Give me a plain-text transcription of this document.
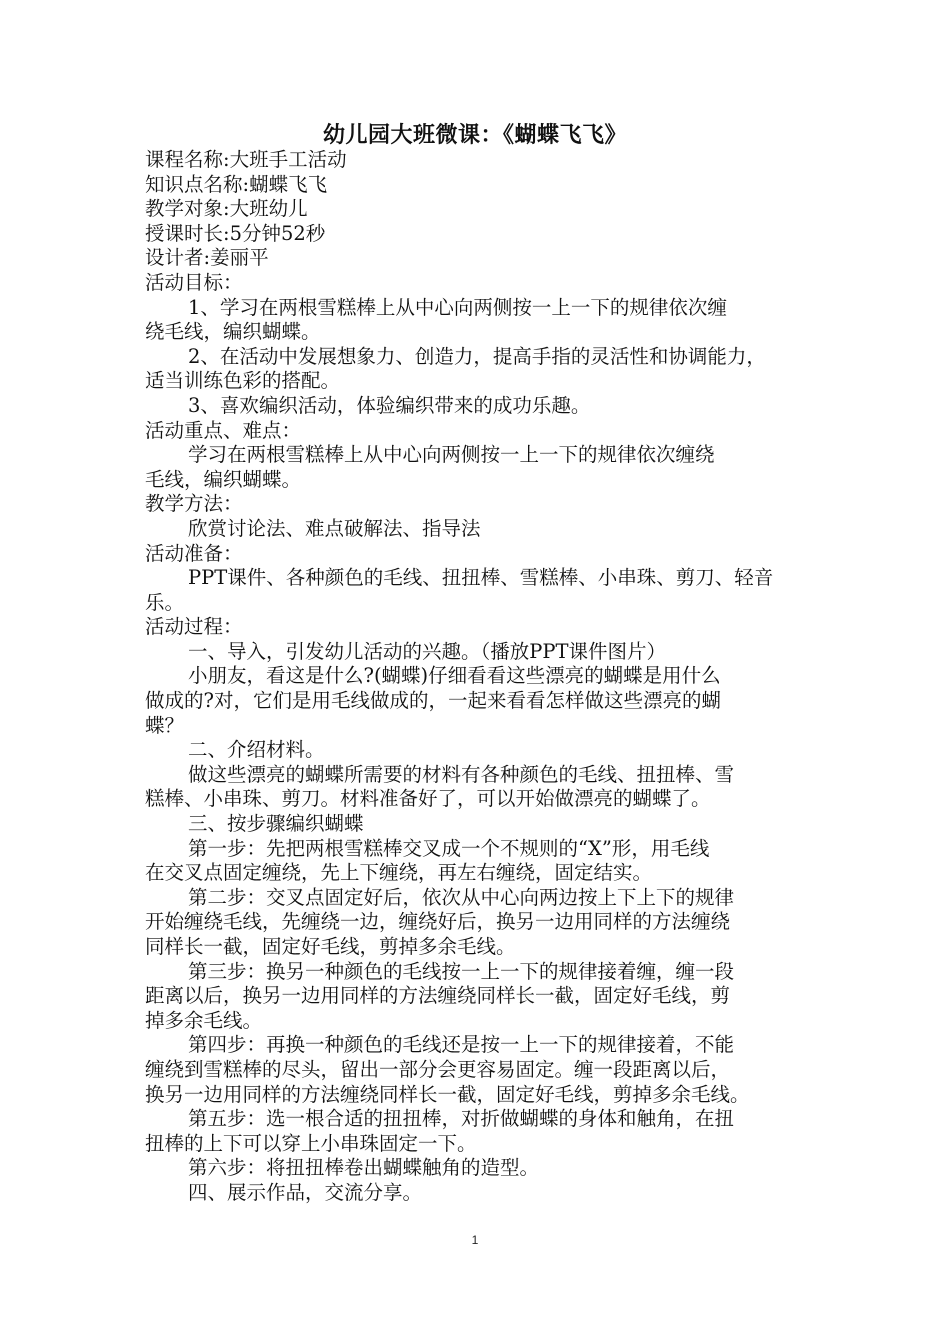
幼儿园大班微课：《蝴蝶飞飞》
课程名称:大班手工活动
知识点名称:蝴蝶飞飞
教学对象:大班幼儿
授课时长:5分钟52秒
设计者:姜丽平
活动目标：
1、学习在两根雪糕棒上从中心向两侧按一上一下的规律依次缠
绕毛线，编织蝴蝶。
2、在活动中发展想象力、创造力，提高手指的灵活性和协调能力，
适当训练色彩的搭配。
3、喜欢编织活动，体验编织带来的成功乐趣。
活动重点、难点：
学习在两根雪糕棒上从中心向两侧按一上一下的规律依次缠绕
毛线，编织蝴蝶。
教学方法：
欣赏讨论法、难点破解法、指导法
活动准备：
PPT课件、各种颜色的毛线、扭扭棒、雪糕棒、小串珠、剪刀、轻音
乐。
活动过程：
一、导入，引发幼儿活动的兴趣。（播放PPT课件图片）
小朋友，看这是什么?(蝴蝶)仔细看看这些漂亮的蝴蝶是用什么
做成的?对，它们是用毛线做成的，一起来看看怎样做这些漂亮的蝴
蝶？
二、介绍材料。
做这些漂亮的蝴蝶所需要的材料有各种颜色的毛线、扭扭棒、雪
糕棒、小串珠、剪刀。材料准备好了，可以开始做漂亮的蝴蝶了。
三、按步骤编织蝴蝶
第一步：先把两根雪糕棒交叉成一个不规则的“X”形，用毛线
在交叉点固定缠绕，先上下缠绕，再左右缠绕，固定结实。
第二步：交叉点固定好后，依次从中心向两边按上下上下的规律
开始缠绕毛线，先缠绕一边，缠绕好后，换另一边用同样的方法缠绕
同样长一截，固定好毛线，剪掉多余毛线。
第三步：换另一种颜色的毛线按一上一下的规律接着缠，缠一段
距离以后，换另一边用同样的方法缠绕同样长一截，固定好毛线，剪
掉多余毛线。
第四步：再换一种颜色的毛线还是按一上一下的规律接着，不能
缠绕到雪糕棒的尽头，留出一部分会更容易固定。缠一段距离以后，
换另一边用同样的方法缠绕同样长一截，固定好毛线，剪掉多余毛线。
第五步：选一根合适的扭扭棒，对折做蝴蝶的身体和触角，在扭
扭棒的上下可以穿上小串珠固定一下。
第六步：将扭扭棒卷出蝴蝶触角的造型。
四、展示作品，交流分享。
1
